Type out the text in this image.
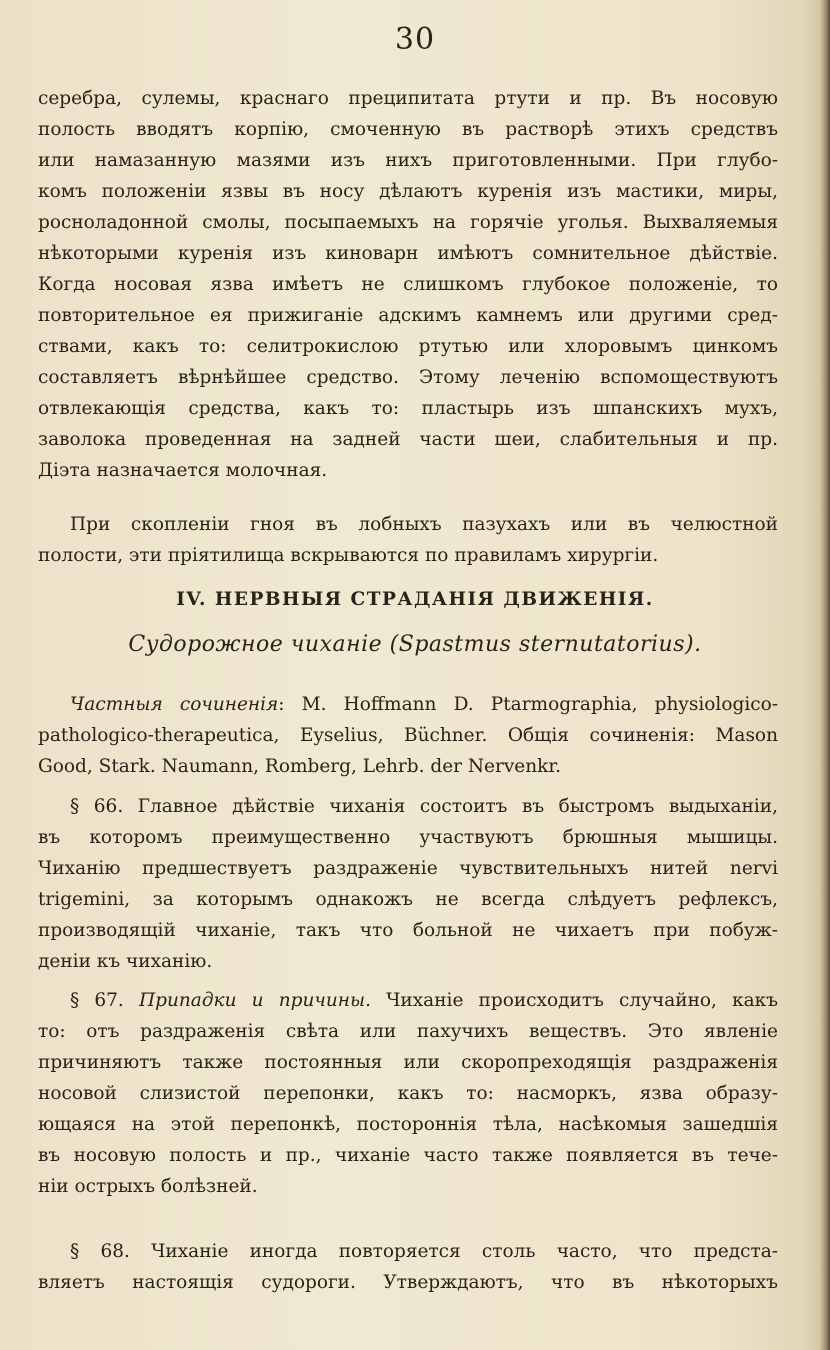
30
серебра, сулемы, краснаго преципитата ртути и пр. Въ носовую
полость вводятъ корпію, смоченную въ растворѣ этихъ средствъ
или намазанную мазями изъ нихъ приготовленными. При глубо-
комъ положеніи язвы въ носу дѣлаютъ куренія изъ мастики, миры,
росноладонной смолы, посыпаемыхъ на горячіе уголья. Выхваляемыя
нѣкоторыми куренія изъ киноварн имѣютъ сомнительное дѣйствіе.
Когда носовая язва имѣетъ не слишкомъ глубокое положеніе, то
повторительное ея прижиганіе адскимъ камнемъ или другими сред-
ствами, какъ то: селитрокислою ртутью или хлоровымъ цинкомъ
составляетъ вѣрнѣйшее средство. Этому леченію вспомоществуютъ
отвлекающія средства, какъ то: пластырь изъ шпанскихъ мухъ,
заволока проведенная на задней части шеи, слабительныя и пр.
Діэта назначается молочная.
При скопленіи гноя въ лобныхъ пазухахъ или въ челюстной
полости, эти пріятилища вскрываются по правиламъ хирургіи.
IV. НЕРВНЫЯ СТРАДАНІЯ ДВИЖЕНІЯ.
Судорожное чиханіе (Spastmus sternutatorius).
Частныя сочиненія: M. Hoffmann D. Ptarmographia, physiologico-
pathologico-therapeutica, Eyselius, Büchner. Общія сочиненія: Mason
Good, Stark. Naumann, Romberg, Lehrb. der Nervenkr.
§ 66. Главное дѣйствіе чиханія состоитъ въ быстромъ выдыханіи,
въ которомъ преимущественно участвуютъ брюшныя мышицы.
Чиханію предшествуетъ раздраженіе чувствительныхъ нитей nervi
trigemini, за которымъ однакожъ не всегда слѣдуетъ рефлексъ,
производящій чиханіе, такъ что больной не чихаетъ при побуж-
деніи къ чиханію.
§ 67. Припадки и причины. Чиханіе происходитъ случайно, какъ
то: отъ раздраженія свѣта или пахучихъ веществъ. Это явленіе
причиняютъ также постоянныя или скоропреходящія раздраженія
носовой слизистой перепонки, какъ то: насморкъ, язва образу-
ющаяся на этой перепонкѣ, постороннія тѣла, насѣкомыя зашедшія
въ носовую полость и пр., чиханіе часто также появляется въ тече-
ніи острыхъ болѣзней.
§ 68. Чиханіе иногда повторяется столь часто, что предста-
вляетъ настоящія судороги. Утверждаютъ, что въ нѣкоторыхъ
